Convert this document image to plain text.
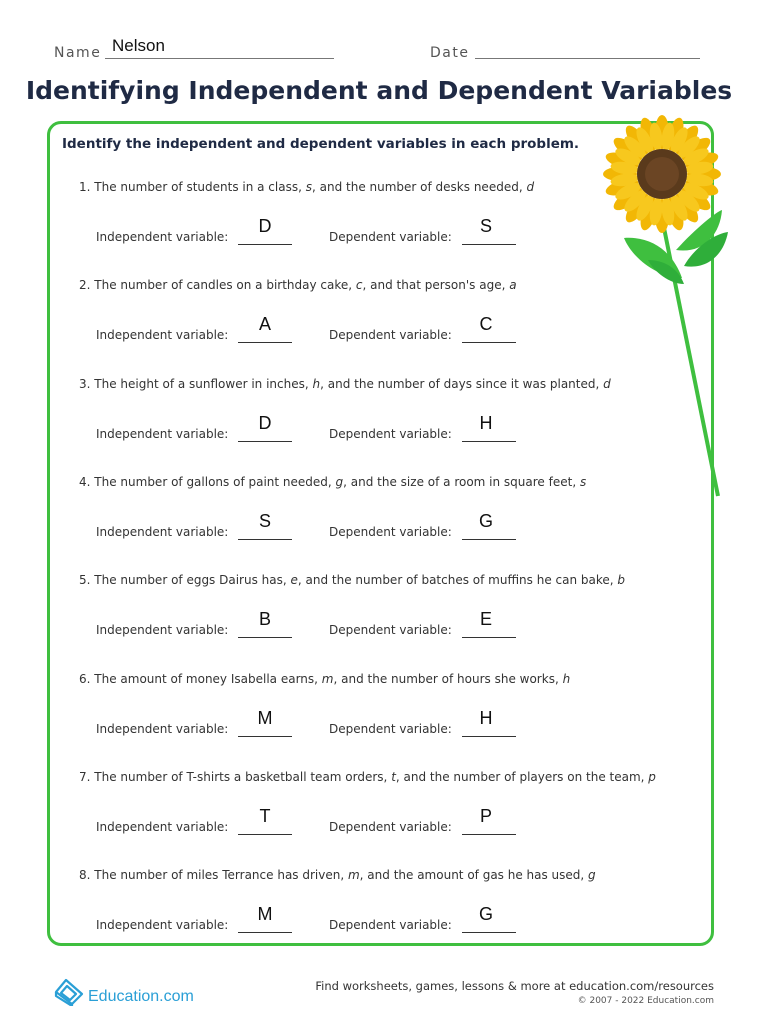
Name Nelson	Date
Identifying Independent and Dependent Variables
Identify the independent and dependent variables in each problem.
1. The number of students in a class, s, and the number of desks needed, d
Independent variable:
D
Dependent variable:
S
2. The number of candles on a birthday cake, c, and that person's age, a
Independent variable:
A
Dependent variable:
C
3. The height of a sunflower in inches, h, and the number of days since it was planted, d
Independent variable:
D
Dependent variable:
H
4. The number of gallons of paint needed, g, and the size of a room in square feet, s
Independent variable:
S
Dependent variable:
G
5. The number of eggs Dairus has, e, and the number of batches of muffins he can bake, b
Independent variable:
B
Dependent variable:
E
6. The amount of money Isabella earns, m, and the number of hours she works, h
Independent variable:
M
Dependent variable:
H
7. The number of T-shirts a basketball team orders, t, and the number of players on the team, p
Independent variable:
T
Dependent variable:
P
8. The number of miles Terrance has driven, m, and the amount of gas he has used, g
Independent variable:
M
Dependent variable:
G
Education.com
Find worksheets, games, lessons & more at education.com/resources
© 2007 - 2022 Education.com
